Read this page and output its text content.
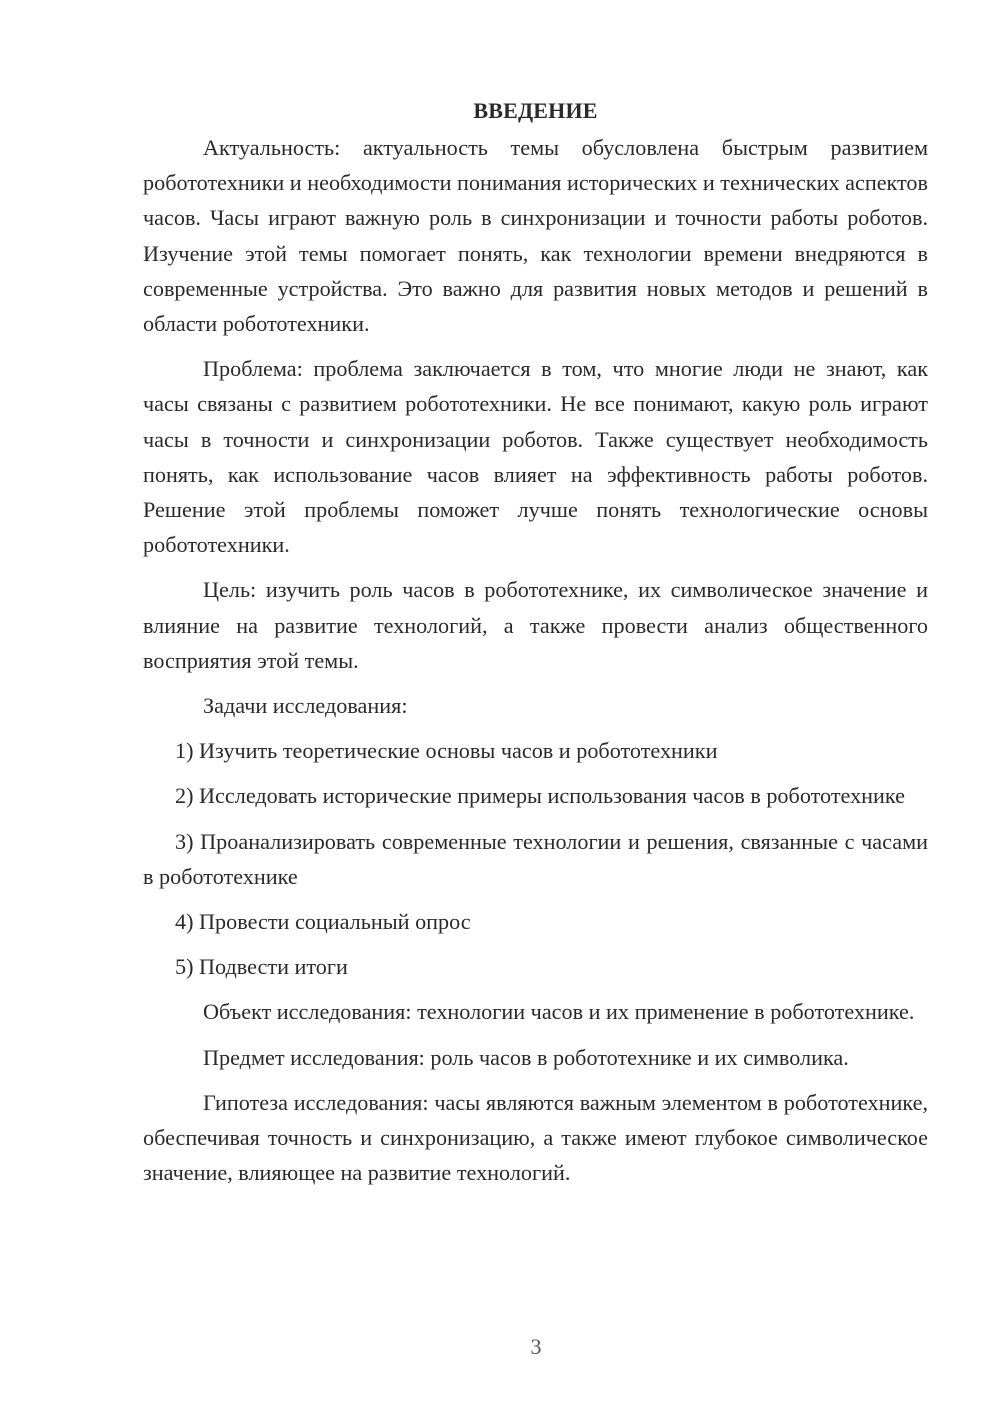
ВВЕДЕНИЕ

Актуальность: актуальность темы обусловлена быстрым развитием робототехники и необходимости понимания исторических и технических аспектов часов. Часы играют важную роль в синхронизации и точности работы роботов. Изучение этой темы помогает понять, как технологии времени внедряются в современные устройства. Это важно для развития новых методов и решений в области робототехники.

Проблема: проблема заключается в том, что многие люди не знают, как часы связаны с развитием робототехники. Не все понимают, какую роль играют часы в точности и синхронизации роботов. Также существует необходимость понять, как использование часов влияет на эффективность работы роботов. Решение этой проблемы поможет лучше понять технологические основы робототехники.

Цель: изучить роль часов в робототехнике, их символическое значение и влияние на развитие технологий, а также провести анализ общественного восприятия этой темы.

Задачи исследования:

1) Изучить теоретические основы часов и робототехники
2) Исследовать исторические примеры использования часов в робототехнике
3) Проанализировать современные технологии и решения, связанные с часами в робототехнике
4) Провести социальный опрос
5) Подвести итоги

Объект исследования: технологии часов и их применение в робототехнике.

Предмет исследования: роль часов в робототехнике и их символика.

Гипотеза исследования: часы являются важным элементом в робототехнике, обеспечивая точность и синхронизацию, а также имеют глубокое символическое значение, влияющее на развитие технологий.

3
